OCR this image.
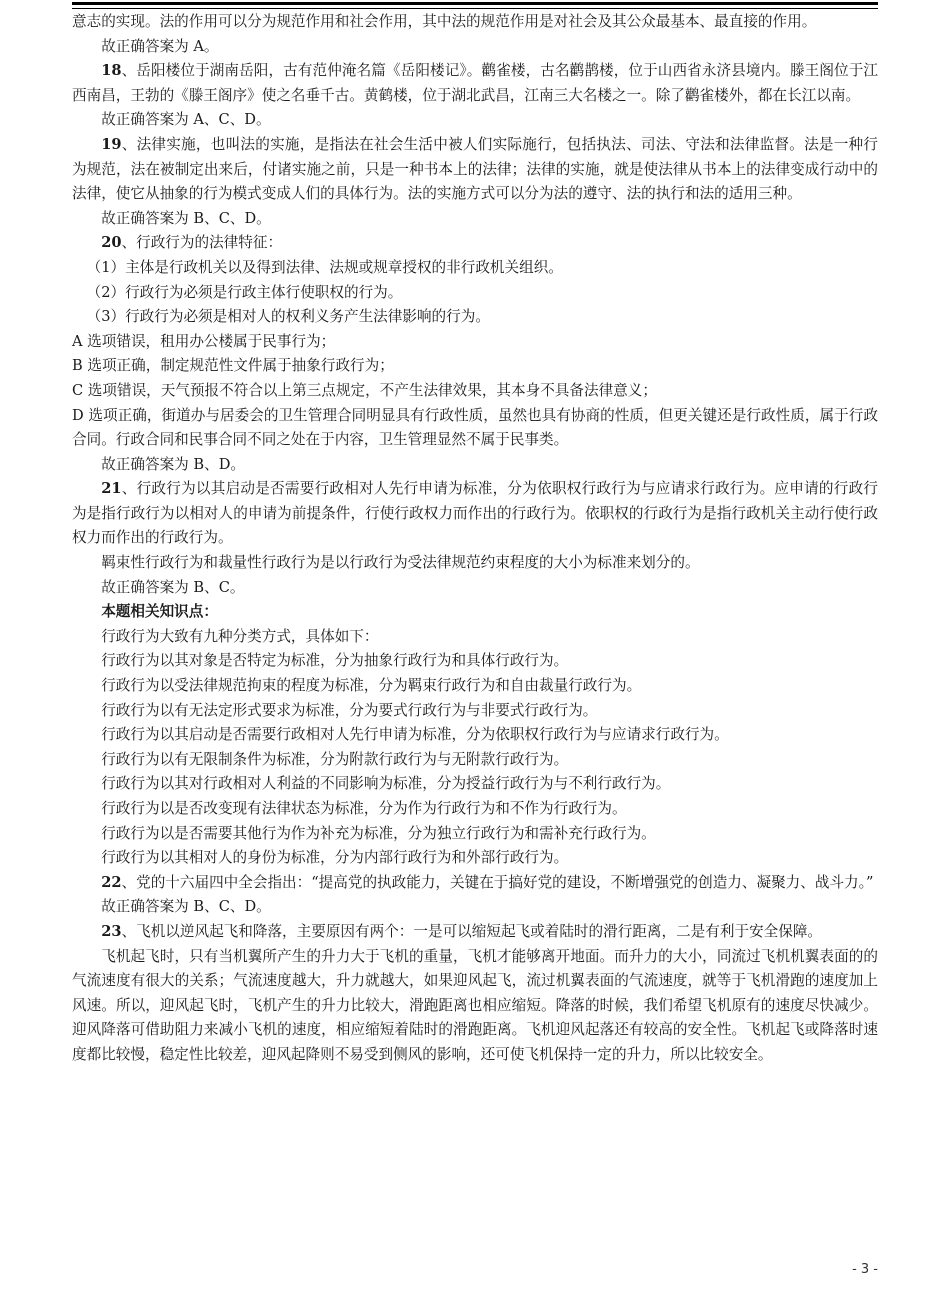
意志的实现。法的作用可以分为规范作用和社会作用，其中法的规范作用是对社会及其公众最基本、最直接的作用。

故正确答案为 A。

18、岳阳楼位于湖南岳阳，古有范仲淹名篇《岳阳楼记》。鹳雀楼，古名鹳鹊楼，位于山西省永济县境内。滕王阁位于江西南昌，王勃的《滕王阁序》使之名垂千古。黄鹤楼，位于湖北武昌，江南三大名楼之一。除了鹳雀楼外，都在长江以南。

故正确答案为 A、C、D。

19、法律实施，也叫法的实施，是指法在社会生活中被人们实际施行，包括执法、司法、守法和法律监督。法是一种行为规范，法在被制定出来后，付诸实施之前，只是一种书本上的法律；法律的实施，就是使法律从书本上的法律变成行动中的法律，使它从抽象的行为模式变成人们的具体行为。法的实施方式可以分为法的遵守、法的执行和法的适用三种。

故正确答案为 B、C、D。

20、行政行为的法律特征：

（1）主体是行政机关以及得到法律、法规或规章授权的非行政机关组织。

（2）行政行为必须是行政主体行使职权的行为。

（3）行政行为必须是相对人的权利义务产生法律影响的行为。

A 选项错误，租用办公楼属于民事行为；

B 选项正确，制定规范性文件属于抽象行政行为；

C 选项错误，天气预报不符合以上第三点规定，不产生法律效果，其本身不具备法律意义；

D 选项正确，街道办与居委会的卫生管理合同明显具有行政性质，虽然也具有协商的性质，但更关键还是行政性质，属于行政合同。行政合同和民事合同不同之处在于内容，卫生管理显然不属于民事类。

故正确答案为 B、D。

21、行政行为以其启动是否需要行政相对人先行申请为标准，分为依职权行政行为与应请求行政行为。应申请的行政行为是指行政行为以相对人的申请为前提条件，行使行政权力而作出的行政行为。依职权的行政行为是指行政机关主动行使行政权力而作出的行政行为。

羁束性行政行为和裁量性行政行为是以行政行为受法律规范约束程度的大小为标准来划分的。

故正确答案为 B、C。

本题相关知识点：

行政行为大致有九种分类方式，具体如下：

行政行为以其对象是否特定为标准，分为抽象行政行为和具体行政行为。

行政行为以受法律规范拘束的程度为标准，分为羁束行政行为和自由裁量行政行为。

行政行为以有无法定形式要求为标准，分为要式行政行为与非要式行政行为。

行政行为以其启动是否需要行政相对人先行申请为标准，分为依职权行政行为与应请求行政行为。

行政行为以有无限制条件为标准，分为附款行政行为与无附款行政行为。

行政行为以其对行政相对人利益的不同影响为标准，分为授益行政行为与不利行政行为。

行政行为以是否改变现有法律状态为标准，分为作为行政行为和不作为行政行为。

行政行为以是否需要其他行为作为补充为标准，分为独立行政行为和需补充行政行为。

行政行为以其相对人的身份为标准，分为内部行政行为和外部行政行为。

22、党的十六届四中全会指出：“提高党的执政能力，关键在于搞好党的建设，不断增强党的创造力、凝聚力、战斗力。”

故正确答案为 B、C、D。

23、飞机以逆风起飞和降落，主要原因有两个：一是可以缩短起飞或着陆时的滑行距离，二是有利于安全保障。

飞机起飞时，只有当机翼所产生的升力大于飞机的重量，飞机才能够离开地面。而升力的大小，同流过飞机机翼表面的的气流速度有很大的关系；气流速度越大，升力就越大，如果迎风起飞，流过机翼表面的气流速度，就等于飞机滑跑的速度加上风速。所以，迎风起飞时，飞机产生的升力比较大，滑跑距离也相应缩短。降落的时候，我们希望飞机原有的速度尽快减少。迎风降落可借助阻力来减小飞机的速度，相应缩短着陆时的滑跑距离。飞机迎风起落还有较高的安全性。飞机起飞或降落时速度都比较慢，稳定性比较差，迎风起降则不易受到侧风的影响，还可使飞机保持一定的升力，所以比较安全。

- 3 -
